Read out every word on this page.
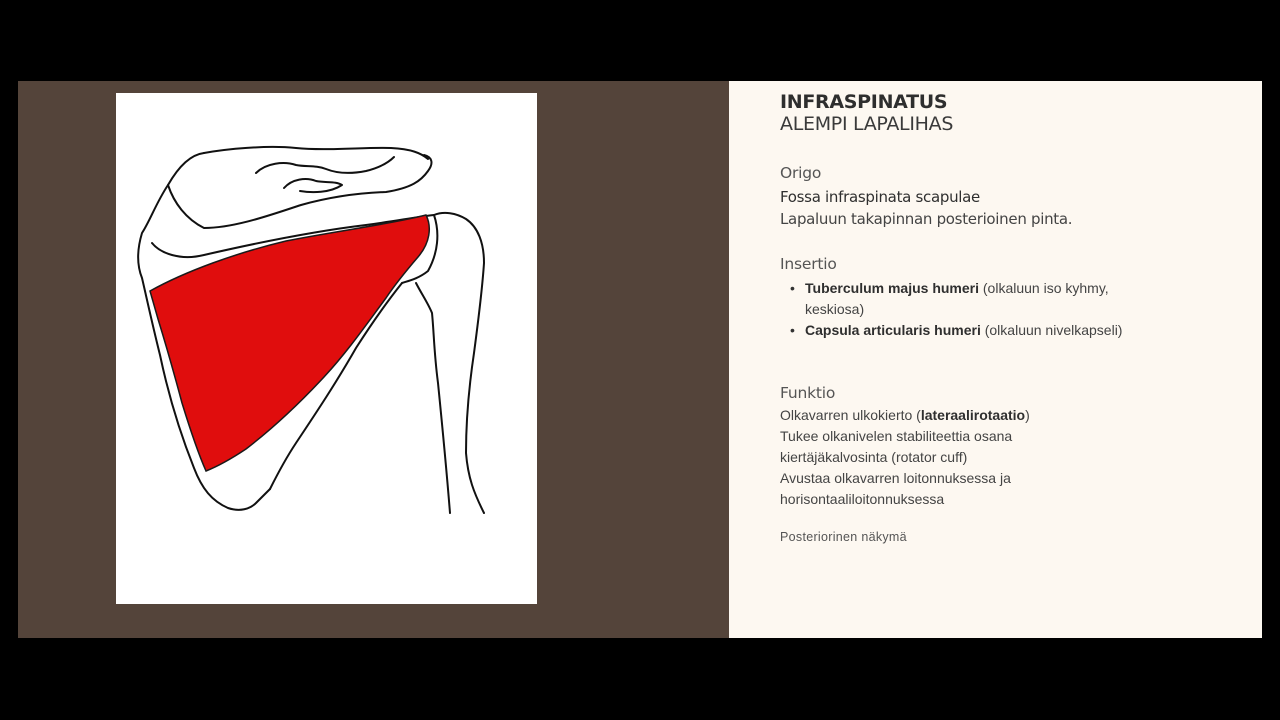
INFRASPINATUS
ALEMPI LAPALIHAS
Origo
Fossa infraspinata scapulae
Lapaluun takapinnan posterioinen pinta.
Insertio
• Tuberculum majus humeri (olkaluun iso kyhmy, keskiosa)
• Capsula articularis humeri (olkaluun nivelkapseli)
Funktio
Olkavarren ulkokierto (lateraalirotaatio)
Tukee olkanivelen stabiliteettia osana kiertäjäkalvosinta (rotator cuff)
Avustaa olkavarren loitonnuksessa ja horisontaaliloitonnuksessa
Posteriorinen näkymä
